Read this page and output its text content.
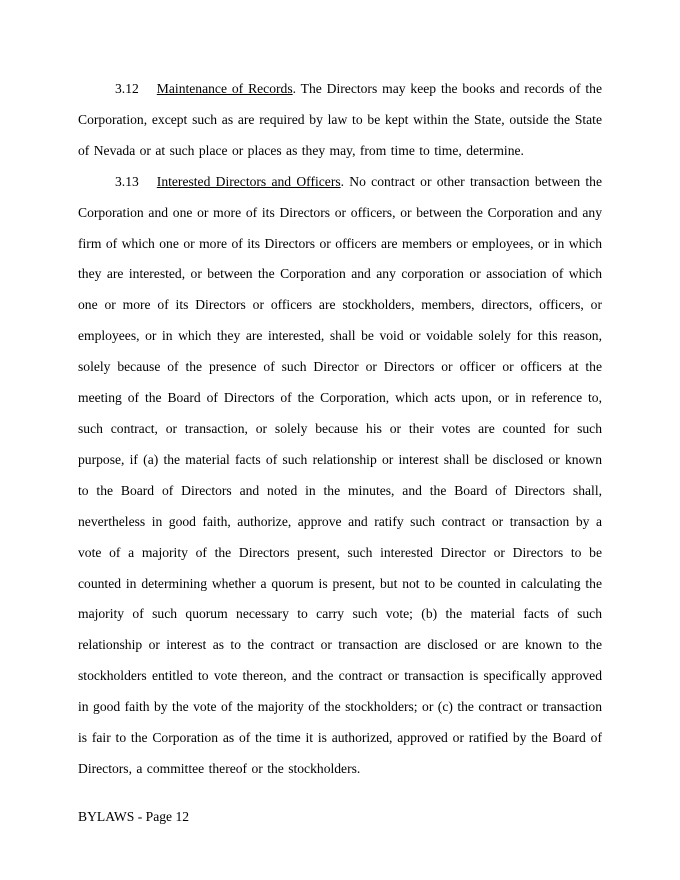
3.12 Maintenance of Records. The Directors may keep the books and records of the Corporation, except such as are required by law to be kept within the State, outside the State of Nevada or at such place or places as they may, from time to time, determine.

3.13 Interested Directors and Officers. No contract or other transaction between the Corporation and one or more of its Directors or officers, or between the Corporation and any firm of which one or more of its Directors or officers are members or employees, or in which they are interested, or between the Corporation and any corporation or association of which one or more of its Directors or officers are stockholders, members, directors, officers, or employees, or in which they are interested, shall be void or voidable solely for this reason, solely because of the presence of such Director or Directors or officer or officers at the meeting of the Board of Directors of the Corporation, which acts upon, or in reference to, such contract, or transaction, or solely because his or their votes are counted for such purpose, if (a) the material facts of such relationship or interest shall be disclosed or known to the Board of Directors and noted in the minutes, and the Board of Directors shall, nevertheless in good faith, authorize, approve and ratify such contract or transaction by a vote of a majority of the Directors present, such interested Director or Directors to be counted in determining whether a quorum is present, but not to be counted in calculating the majority of such quorum necessary to carry such vote; (b) the material facts of such relationship or interest as to the contract or transaction are disclosed or are known to the stockholders entitled to vote thereon, and the contract or transaction is specifically approved in good faith by the vote of the majority of the stockholders; or (c) the contract or transaction is fair to the Corporation as of the time it is authorized, approved or ratified by the Board of Directors, a committee thereof or the stockholders.

BYLAWS - Page 12
